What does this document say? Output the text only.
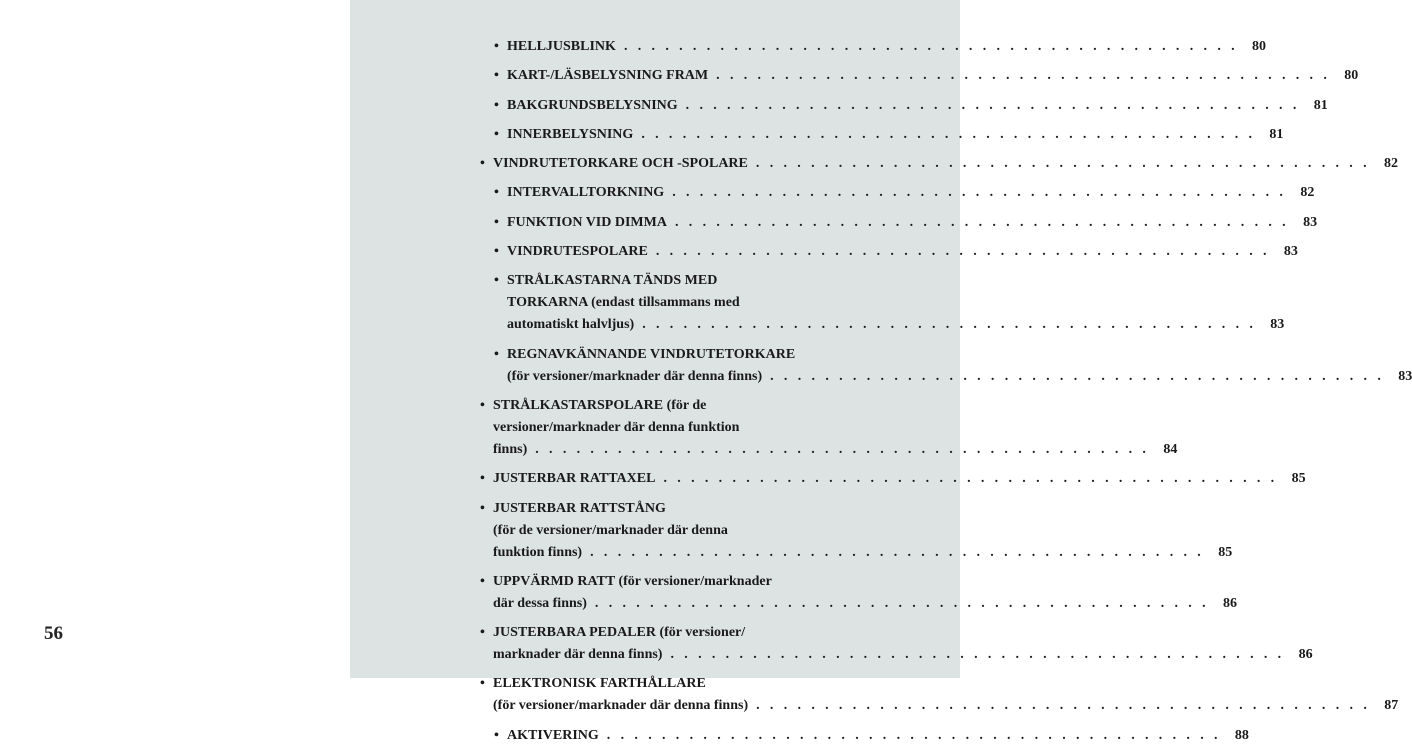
56
• HELLJUSBLINK . . . . . . . . . . . . . . . . . . . . . . . . . . . . . . . . . . . . . . . . . . . . .	80
• KART-/LÄSBELYSNING FRAM . . . . . . . . . . . . . . . . . . . . . . . . . . . . . . . . . . . . . . . . . . . . .	80
• BAKGRUNDSBELYSNING . . . . . . . . . . . . . . . . . . . . . . . . . . . . . . . . . . . . . . . . . . . . .	81
• INNERBELYSNING . . . . . . . . . . . . . . . . . . . . . . . . . . . . . . . . . . . . . . . . . . . . .	81
• VINDRUTETORKARE OCH -SPOLARE . . . . . . . . . . . . . . . . . . . . . . . . . . . . . . . . . . . . . . . . . . . . .	82
• INTERVALLTORKNING . . . . . . . . . . . . . . . . . . . . . . . . . . . . . . . . . . . . . . . . . . . . .	82
• FUNKTION VID DIMMA . . . . . . . . . . . . . . . . . . . . . . . . . . . . . . . . . . . . . . . . . . . . .	83
• VINDRUTESPOLARE . . . . . . . . . . . . . . . . . . . . . . . . . . . . . . . . . . . . . . . . . . . . .	83
• STRÅLKASTARNA TÄNDS MED
TORKARNA (endast tillsammans med
automatiskt halvljus) . . . . . . . . . . . . . . . . . . . . . . . . . . . . . . . . . . . . . . . . . . . . .	83
• REGNAVKÄNNANDE VINDRUTETORKARE
(för versioner/marknader där denna finns) . . . . . . . . . . . . . . . . . . . . . . . . . . . . . . . . . . . . . . . . . . . . .	83
• STRÅLKASTARSPOLARE (för de
versioner/marknader där denna funktion
finns) . . . . . . . . . . . . . . . . . . . . . . . . . . . . . . . . . . . . . . . . . . . . .	84
• JUSTERBAR RATTAXEL . . . . . . . . . . . . . . . . . . . . . . . . . . . . . . . . . . . . . . . . . . . . .	85
• JUSTERBAR RATTSTÅNG
(för de versioner/marknader där denna
funktion finns) . . . . . . . . . . . . . . . . . . . . . . . . . . . . . . . . . . . . . . . . . . . . .	85
• UPPVÄRMD RATT (för versioner/marknader
där dessa finns) . . . . . . . . . . . . . . . . . . . . . . . . . . . . . . . . . . . . . . . . . . . . .	86
• JUSTERBARA PEDALER (för versioner/
marknader där denna finns) . . . . . . . . . . . . . . . . . . . . . . . . . . . . . . . . . . . . . . . . . . . . .	86
• ELEKTRONISK FARTHÅLLARE
(för versioner/marknader där denna finns) . . . . . . . . . . . . . . . . . . . . . . . . . . . . . . . . . . . . . . . . . . . . .	87
• AKTIVERING . . . . . . . . . . . . . . . . . . . . . . . . . . . . . . . . . . . . . . . . . . . . .	88
